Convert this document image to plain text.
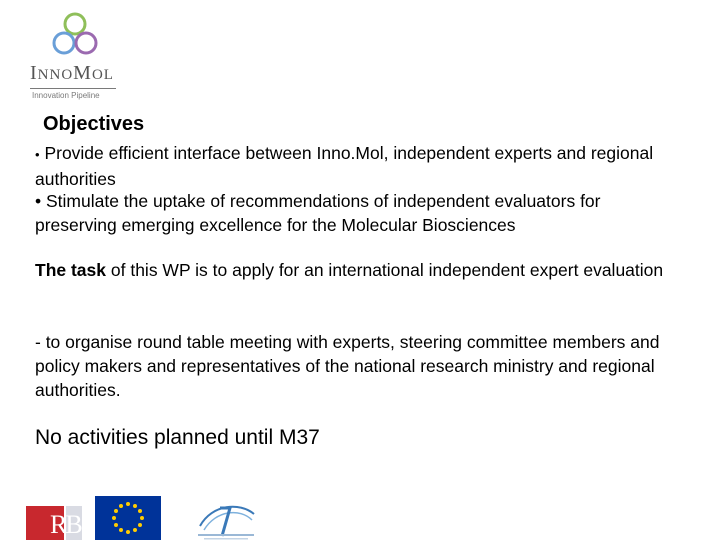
INNOMOL
Innovation Pipeline
Objectives

• Provide efficient interface between Inno.Mol, independent experts and regional authorities

• Stimulate the uptake of recommendations of independent evaluators for preserving emerging excellence for the Molecular Biosciences

The task of this WP is to apply for an international independent expert evaluation

- to organise round table meeting with experts, steering committee members and policy makers and representatives of the national research ministry and regional authorities.

No activities planned until M37
RB
